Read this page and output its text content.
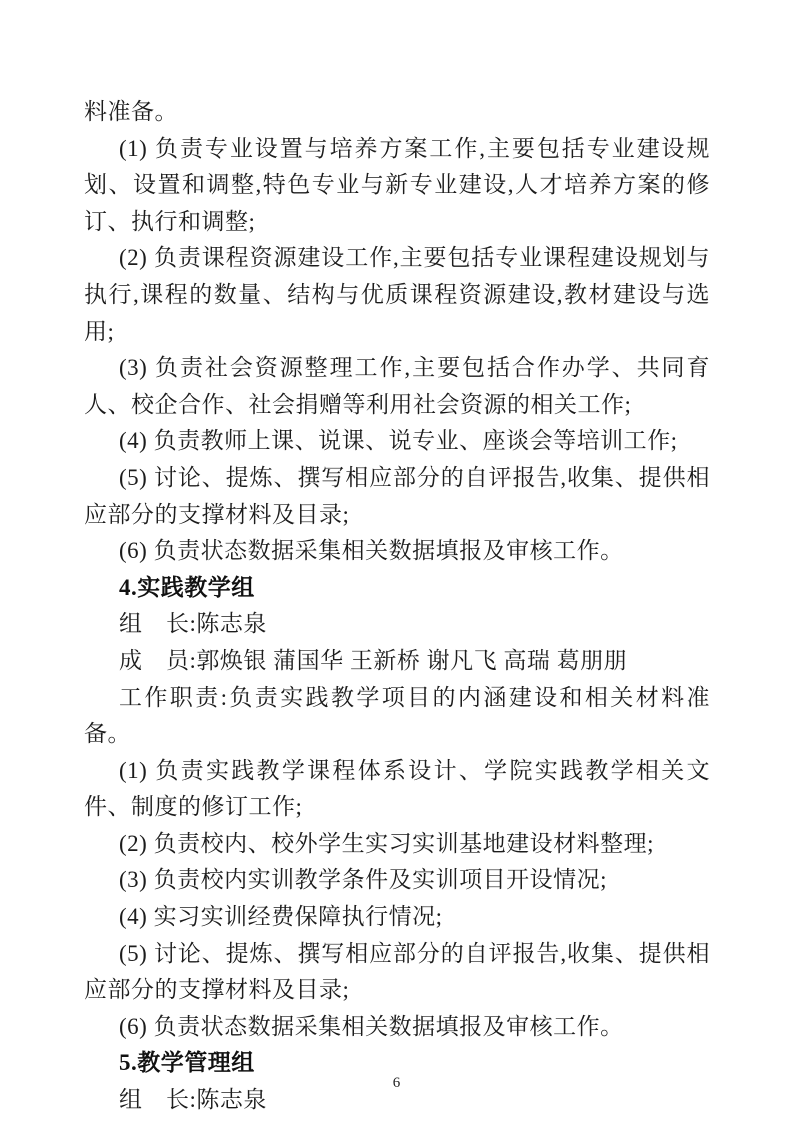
料准备。

(1) 负责专业设置与培养方案工作,主要包括专业建设规划、设置和调整,特色专业与新专业建设,人才培养方案的修订、执行和调整;

(2) 负责课程资源建设工作,主要包括专业课程建设规划与执行,课程的数量、结构与优质课程资源建设,教材建设与选用;

(3) 负责社会资源整理工作,主要包括合作办学、共同育人、校企合作、社会捐赠等利用社会资源的相关工作;

(4) 负责教师上课、说课、说专业、座谈会等培训工作;

(5) 讨论、提炼、撰写相应部分的自评报告,收集、提供相应部分的支撑材料及目录;

(6) 负责状态数据采集相关数据填报及审核工作。

4.实践教学组

组　长:陈志泉

成　员:郭焕银 蒲国华 王新桥 谢凡飞 高瑞 葛朋朋

工作职责:负责实践教学项目的内涵建设和相关材料准备。

(1) 负责实践教学课程体系设计、学院实践教学相关文件、制度的修订工作;

(2) 负责校内、校外学生实习实训基地建设材料整理;

(3) 负责校内实训教学条件及实训项目开设情况;

(4) 实习实训经费保障执行情况;

(5) 讨论、提炼、撰写相应部分的自评报告,收集、提供相应部分的支撑材料及目录;

(6) 负责状态数据采集相关数据填报及审核工作。

5.教学管理组

组　长:陈志泉

6
